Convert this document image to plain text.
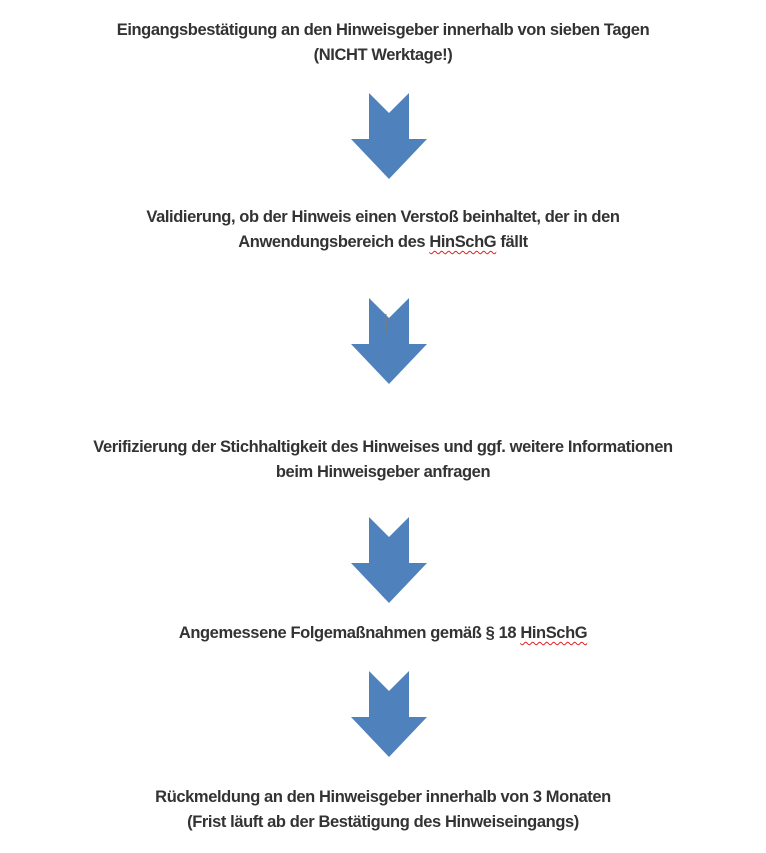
Eingangsbestätigung an den Hinweisgeber innerhalb von sieben Tagen
(NICHT Werktage!)
Validierung, ob der Hinweis einen Verstoß beinhaltet, der in den
Anwendungsbereich des HinSchG fällt
Verifizierung der Stichhaltigkeit des Hinweises und ggf. weitere Informationen
beim Hinweisgeber anfragen
Angemessene Folgemaßnahmen gemäß § 18 HinSchG
Rückmeldung an den Hinweisgeber innerhalb von 3 Monaten
(Frist läuft ab der Bestätigung des Hinweiseingangs)
